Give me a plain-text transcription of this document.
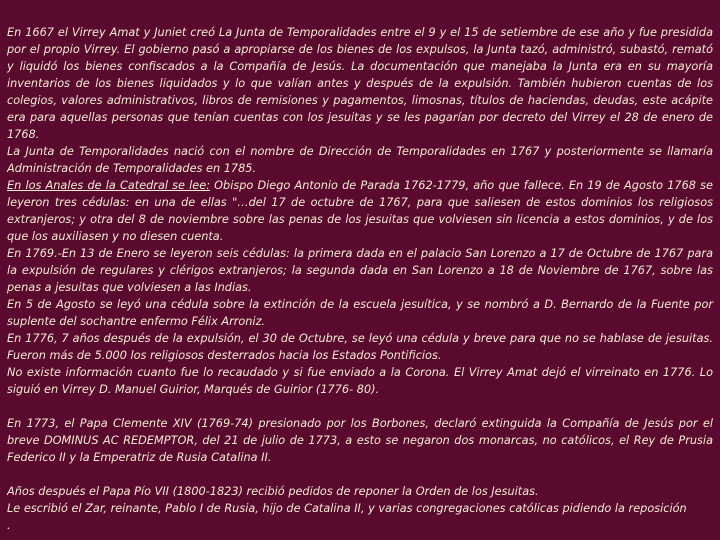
En 1667 el Virrey Amat y Juniet creó La Junta de Temporalidades entre el 9 y el 15 de setiembre de ese año y fue presidida por el propio Virrey. El gobierno pasó a apropiarse de los bienes de los expulsos, la Junta tazó, administró, subastó, remató y liquidó los bienes confiscados a la Compañía de Jesús. La documentación que manejaba la Junta era en su mayoría inventarios de los bienes liquidados y lo que valían antes y después de la expulsión. También hubieron cuentas de los colegios, valores administrativos, libros de remisiones y pagamentos, limosnas, títulos de haciendas, deudas, este acápite era para aquellas personas que tenían cuentas con los jesuitas y se les pagarían por decreto del Virrey el 28 de enero de 1768.

La Junta de Temporalidades nació con el nombre de Dirección de Temporalidades en 1767 y posteriormente se llamaría Administración de Temporalidades en 1785.

En los Anales de la Catedral se lee: Obispo Diego Antonio de Parada 1762-1779, año que fallece. En 19 de Agosto 1768 se leyeron tres cédulas: en una de ellas "…del 17 de octubre de 1767, para que saliesen de estos dominios los religiosos extranjeros; y otra del 8 de noviembre sobre las penas de los jesuitas que volviesen sin licencia a estos dominios, y de los que los auxiliasen y no diesen cuenta.

En 1769.-En 13 de Enero se leyeron seis cédulas: la primera dada en el palacio San Lorenzo a 17 de Octubre de 1767 para la expulsión de regulares y clérigos extranjeros; la segunda dada en San Lorenzo a 18 de Noviembre de 1767, sobre las penas a jesuitas que volviesen a las Indias.

En 5 de Agosto se leyó una cédula sobre la extinción de la escuela jesuítica, y se nombró a D. Bernardo de la Fuente por suplente del sochantre enfermo Félix Arroniz.

En 1776, 7 años después de la expulsión, el 30 de Octubre, se leyó una cédula y breve para que no se hablase de jesuitas. Fueron más de 5.000 los religiosos desterrados hacia los Estados Pontificios.

No existe información cuanto fue lo recaudado y si fue enviado a la Corona. El Virrey Amat dejó el virreinato en 1776. Lo siguió en Virrey D. Manuel Guirior, Marqués de Guirior (1776- 80).

En 1773, el Papa Clemente XIV (1769-74) presionado por los Borbones, declaró extinguida la Compañía de Jesús por el breve DOMINUS AC REDEMPTOR, del 21 de julio de 1773, a esto se negaron dos monarcas, no católicos, el Rey de Prusia Federico II y la Emperatriz de Rusia Catalina II.

Años después el Papa Pío VII (1800-1823) recibió pedidos de reponer la Orden de los Jesuitas.

Le escribió el Zar, reinante, Pablo I de Rusia, hijo de Catalina II, y varias congregaciones católicas pidiendo la reposición

.
